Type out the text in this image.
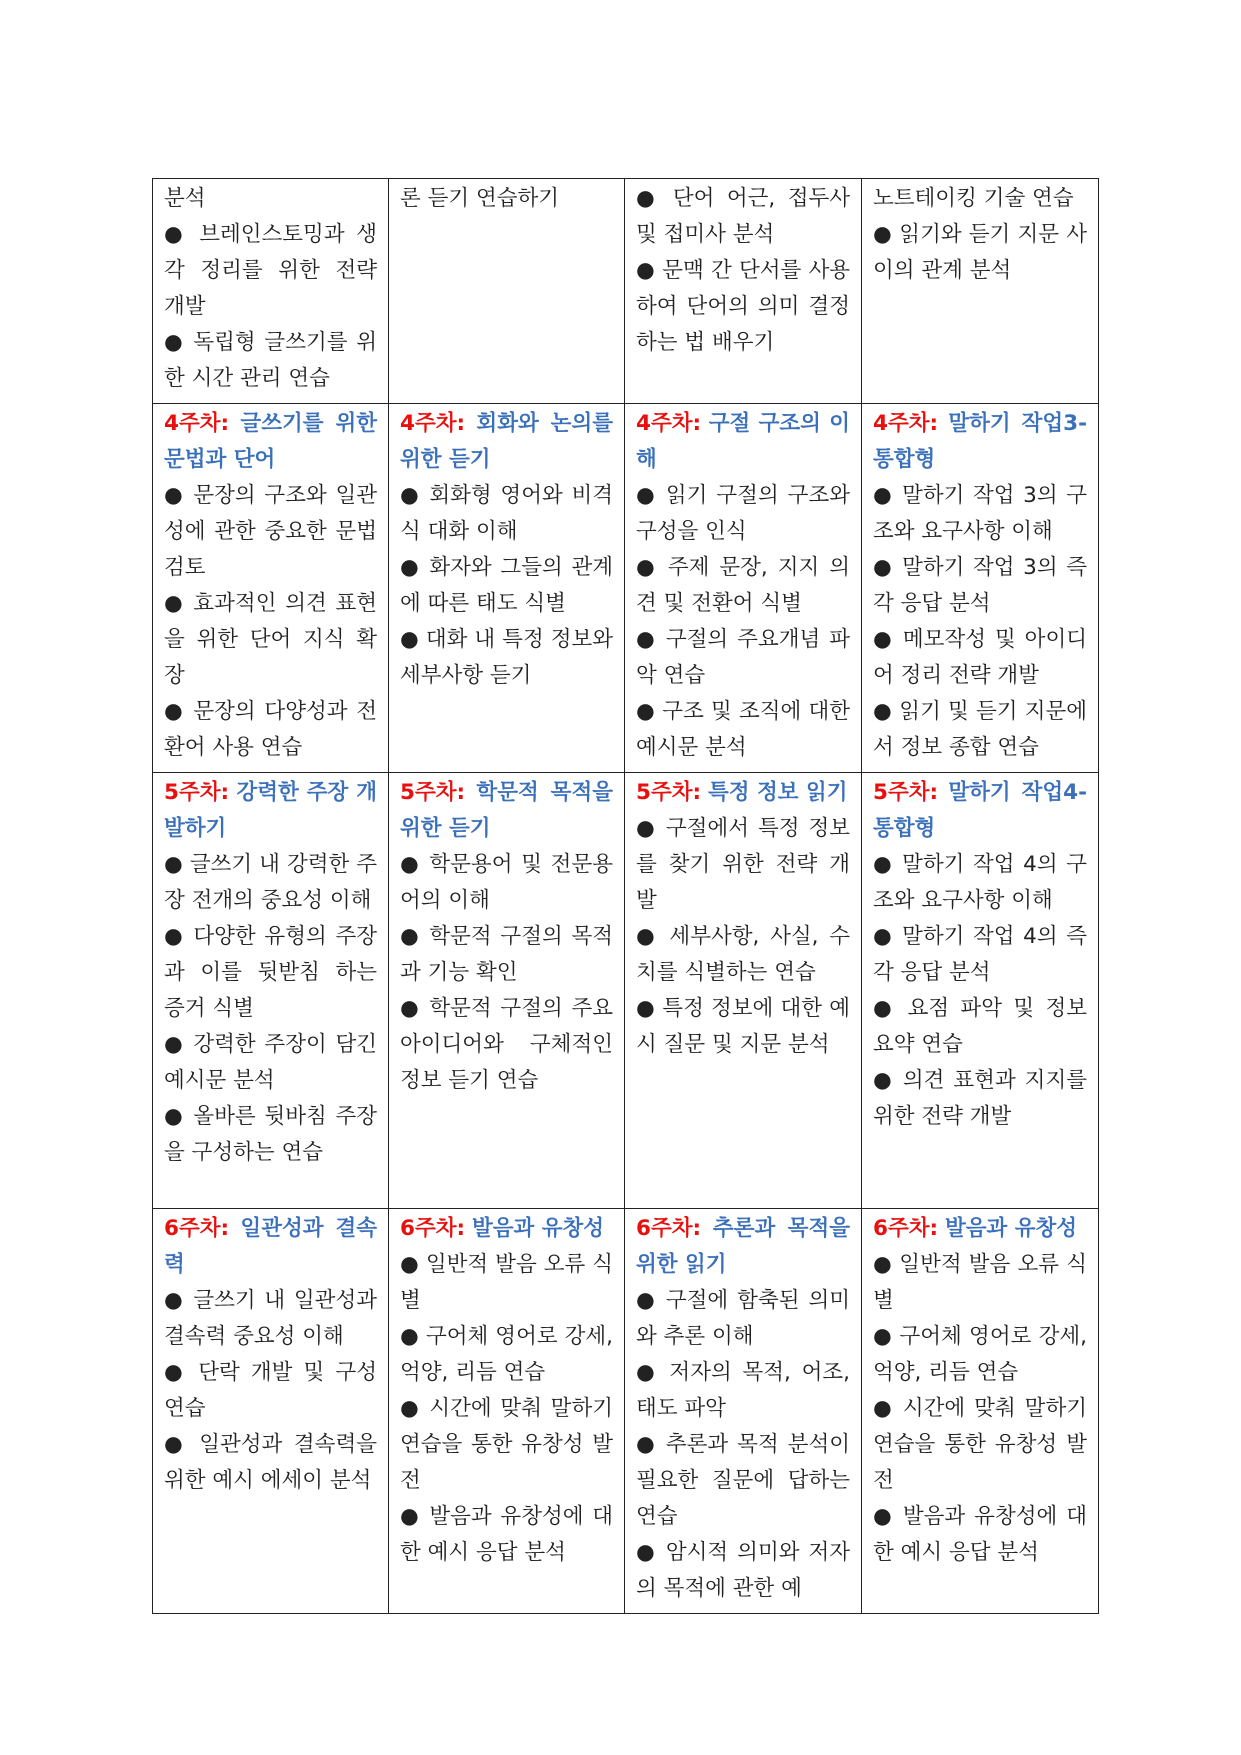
분석
● 브레인스토밍과 생각 정리를 위한 전략 개발
● 독립형 글쓰기를 위한 시간 관리 연습	론 듣기 연습하기	● 단어 어근, 접두사 및 접미사 분석
● 문맥 간 단서를 사용하여 단어의 의미 결정하는 법 배우기	노트테이킹 기술 연습
● 읽기와 듣기 지문 사이의 관계 분석

4주차: 글쓰기를 위한 문법과 단어
● 문장의 구조와 일관성에 관한 중요한 문법 검토
● 효과적인 의견 표현을 위한 단어 지식 확장
● 문장의 다양성과 전환어 사용 연습	4주차: 회화와 논의를 위한 듣기
● 회화형 영어와 비격식 대화 이해
● 화자와 그들의 관계에 따른 태도 식별
● 대화 내 특정 정보와 세부사항 듣기	4주차: 구절 구조의 이해
● 읽기 구절의 구조와 구성을 인식
● 주제 문장, 지지 의견 및 전환어 식별
● 구절의 주요개념 파악 연습
● 구조 및 조직에 대한 예시문 분석	4주차: 말하기 작업3-통합형
● 말하기 작업 3의 구조와 요구사항 이해
● 말하기 작업 3의 즉각 응답 분석
● 메모작성 및 아이디어 정리 전략 개발
● 읽기 및 듣기 지문에서 정보 종합 연습

5주차: 강력한 주장 개발하기
● 글쓰기 내 강력한 주장 전개의 중요성 이해
● 다양한 유형의 주장과 이를 뒷받침 하는 증거 식별
● 강력한 주장이 담긴 예시문 분석
● 올바른 뒷바침 주장을 구성하는 연습	5주차: 학문적 목적을 위한 듣기
● 학문용어 및 전문용어의 이해
● 학문적 구절의 목적과 기능 확인
● 학문적 구절의 주요 아이디어와 구체적인 정보 듣기 연습	5주차: 특정 정보 읽기
● 구절에서 특정 정보를 찾기 위한 전략 개발
● 세부사항, 사실, 수치를 식별하는 연습
● 특정 정보에 대한 예시 질문 및 지문 분석	5주차: 말하기 작업4-통합형
● 말하기 작업 4의 구조와 요구사항 이해
● 말하기 작업 4의 즉각 응답 분석
● 요점 파악 및 정보 요약 연습
● 의견 표현과 지지를 위한 전략 개발

6주차: 일관성과 결속력
● 글쓰기 내 일관성과 결속력 중요성 이해
● 단락 개발 및 구성 연습
● 일관성과 결속력을 위한 예시 에세이 분석	6주차: 발음과 유창성
● 일반적 발음 오류 식별
● 구어체 영어로 강세, 억양, 리듬 연습
● 시간에 맞춰 말하기 연습을 통한 유창성 발전
● 발음과 유창성에 대한 예시 응답 분석	6주차: 추론과 목적을 위한 읽기
● 구절에 함축된 의미와 추론 이해
● 저자의 목적, 어조, 태도 파악
● 추론과 목적 분석이 필요한 질문에 답하는 연습
● 암시적 의미와 저자의 목적에 관한 예	6주차: 발음과 유창성
● 일반적 발음 오류 식별
● 구어체 영어로 강세, 억양, 리듬 연습
● 시간에 맞춰 말하기 연습을 통한 유창성 발전
● 발음과 유창성에 대한 예시 응답 분석
